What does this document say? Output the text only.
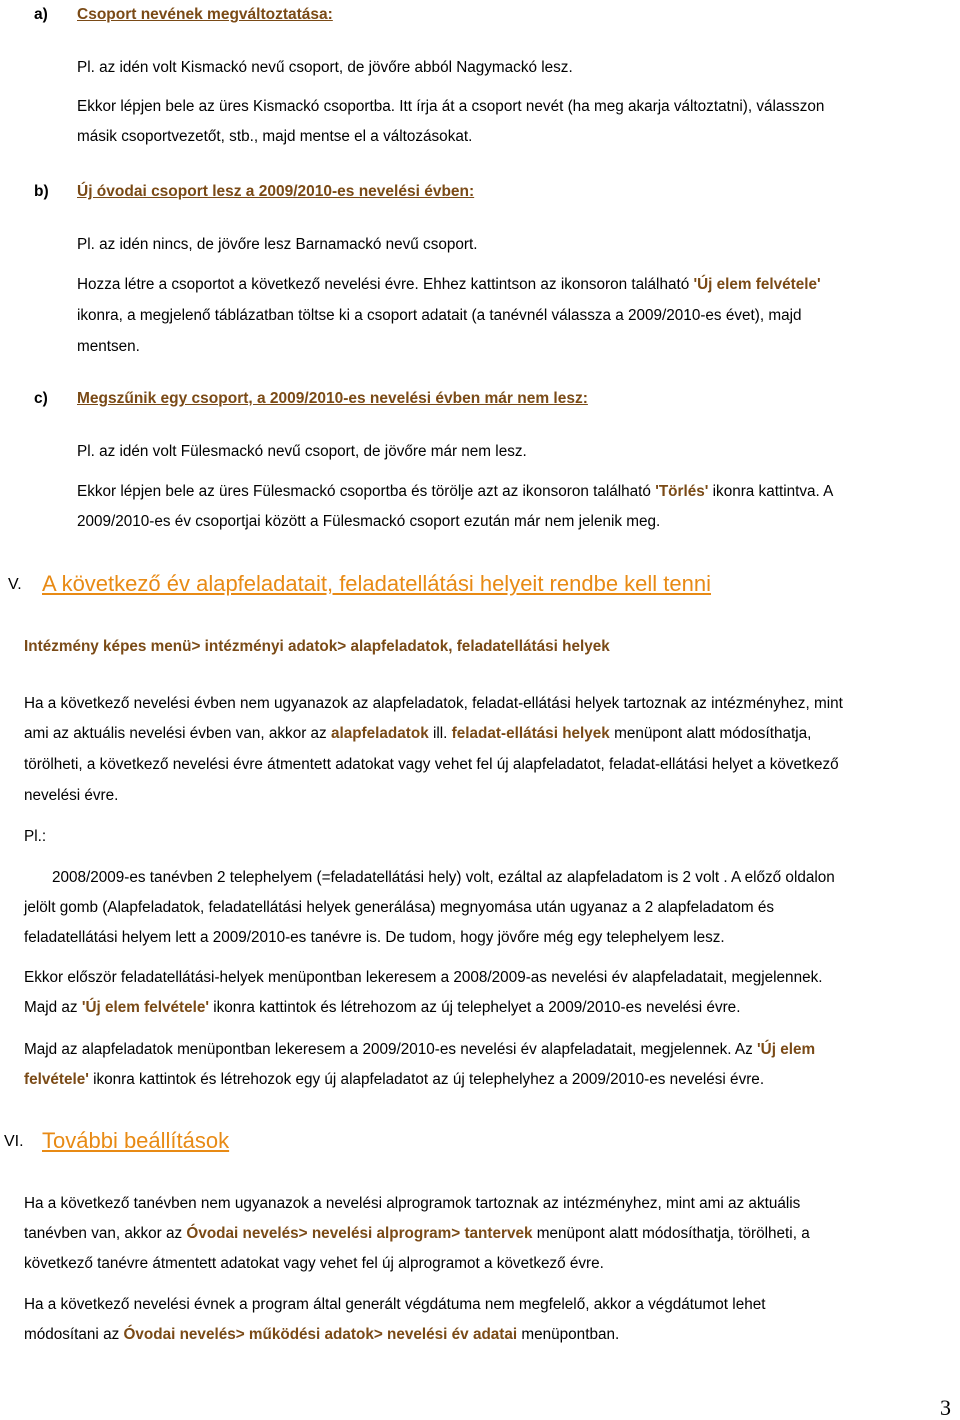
a) Csoport nevének megváltoztatása:
Pl. az idén volt Kismackó nevű csoport, de jövőre abból Nagymackó lesz.
Ekkor lépjen bele az üres Kismackó csoportba. Itt írja át a csoport nevét (ha meg akarja változtatni), válasszon
másik csoportvezetőt, stb., majd mentse el a változásokat.
b) Új óvodai csoport lesz a 2009/2010-es nevelési évben:
Pl. az idén nincs, de jövőre lesz Barnamackó nevű csoport.
Hozza létre a csoportot a következő nevelési évre. Ehhez kattintson az ikonsoron található 'Új elem felvétele'
ikonra, a megjelenő táblázatban töltse ki a csoport adatait (a tanévnél válassza a 2009/2010-es évet), majd
mentsen.
c) Megszűnik egy csoport, a 2009/2010-es nevelési évben már nem lesz:
Pl. az idén volt Fülesmackó nevű csoport, de jövőre már nem lesz.
Ekkor lépjen bele az üres Fülesmackó csoportba és törölje azt az ikonsoron található 'Törlés' ikonra kattintva. A
2009/2010-es év csoportjai között a Fülesmackó csoport ezután már nem jelenik meg.
V. A következő év alapfeladatait, feladatellátási helyeit rendbe kell tenni
Intézmény képes menü> intézményi adatok> alapfeladatok, feladatellátási helyek
Ha a következő nevelési évben nem ugyanazok az alapfeladatok, feladat-ellátási helyek tartoznak az intézményhez, mint
ami az aktuális nevelési évben van, akkor az alapfeladatok ill. feladat-ellátási helyek menüpont alatt módosíthatja,
törölheti, a következő nevelési évre átmentett adatokat vagy vehet fel új alapfeladatot, feladat-ellátási helyet a következő
nevelési évre.
Pl.:
2008/2009-es tanévben 2 telephelyem (=feladatellátási hely) volt, ezáltal az alapfeladatom is 2 volt . A előző oldalon
jelölt gomb (Alapfeladatok, feladatellátási helyek generálása) megnyomása után ugyanaz a 2 alapfeladatom és
feladatellátási helyem lett a 2009/2010-es tanévre is. De tudom, hogy jövőre még egy telephelyem lesz.
Ekkor először feladatellátási-helyek menüpontban lekeresem a 2008/2009-as nevelési év alapfeladatait, megjelennek.
Majd az 'Új elem felvétele' ikonra kattintok és létrehozom az új telephelyet a 2009/2010-es nevelési évre.
Majd az alapfeladatok menüpontban lekeresem a 2009/2010-es nevelési év alapfeladatait, megjelennek. Az 'Új elem
felvétele' ikonra kattintok és létrehozok egy új alapfeladatot az új telephelyhez a 2009/2010-es nevelési évre.
VI. További beállítások
Ha a következő tanévben nem ugyanazok a nevelési alprogramok tartoznak az intézményhez, mint ami az aktuális
tanévben van, akkor az Óvodai nevelés> nevelési alprogram> tantervek menüpont alatt módosíthatja, törölheti, a
következő tanévre átmentett adatokat vagy vehet fel új alprogramot a következő évre.
Ha a következő nevelési évnek a program által generált végdátuma nem megfelelő, akkor a végdátumot lehet
módosítani az Óvodai nevelés> működési adatok> nevelési év adatai menüpontban.
3
